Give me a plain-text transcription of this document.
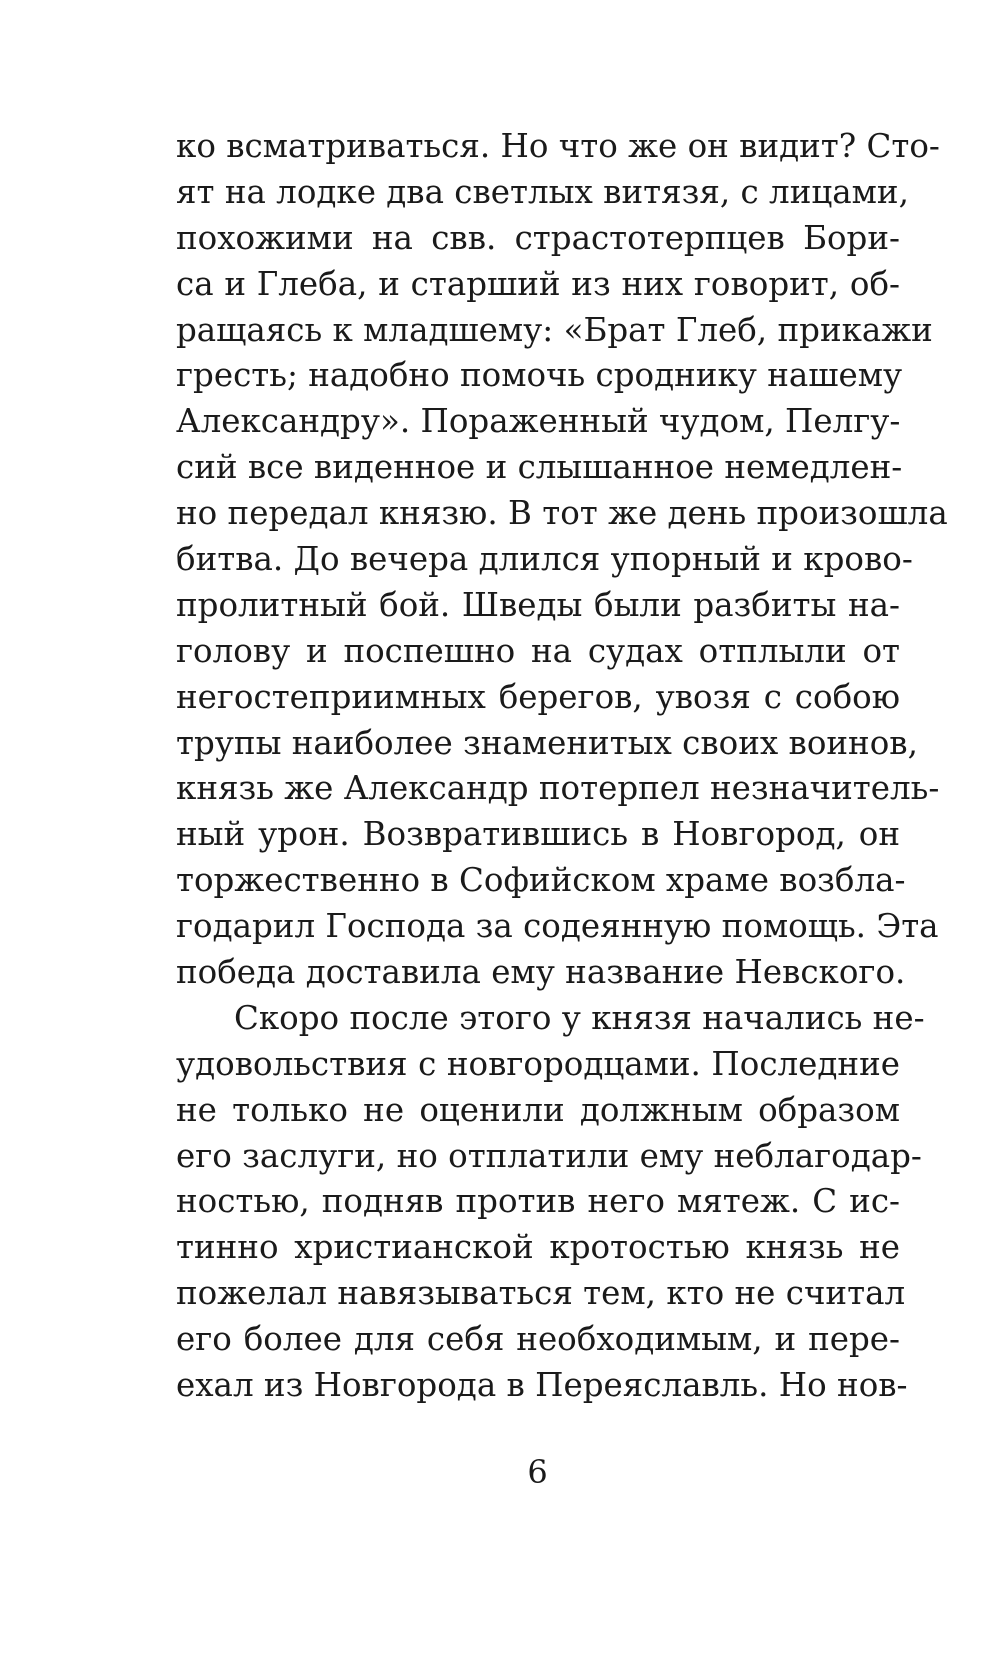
ко всматриваться. Но что же он видит? Сто-
ят на лодке два светлых витязя, с лицами,
похожими на свв. страстотерпцев Бори-
са и Глеба, и старший из них говорит, об-
ращаясь к младшему: «Брат Глеб, прикажи
гресть; надобно помочь сроднику нашему
Александру». Пораженный чудом, Пелгу-
сий все виденное и слышанное немедлен-
но передал князю. В тот же день произошла
битва. До вечера длился упорный и крово-
пролитный бой. Шведы были разбиты на-
голову и поспешно на судах отплыли от
негостеприимных берегов, увозя с собою
трупы наиболее знаменитых своих воинов,
князь же Александр потерпел незначитель-
ный урон. Возвратившись в Новгород, он
торжественно в Софийском храме возбла-
годарил Господа за содеянную помощь. Эта
победа доставила ему название Невского.
Скоро после этого у князя начались не-
удовольствия с новгородцами. Последние
не только не оценили должным образом
его заслуги, но отплатили ему неблагодар-
ностью, подняв против него мятеж. С ис-
тинно христианской кротостью князь не
пожелал навязываться тем, кто не считал
его более для себя необходимым, и пере-
ехал из Новгорода в Переяславль. Но нов-
6
